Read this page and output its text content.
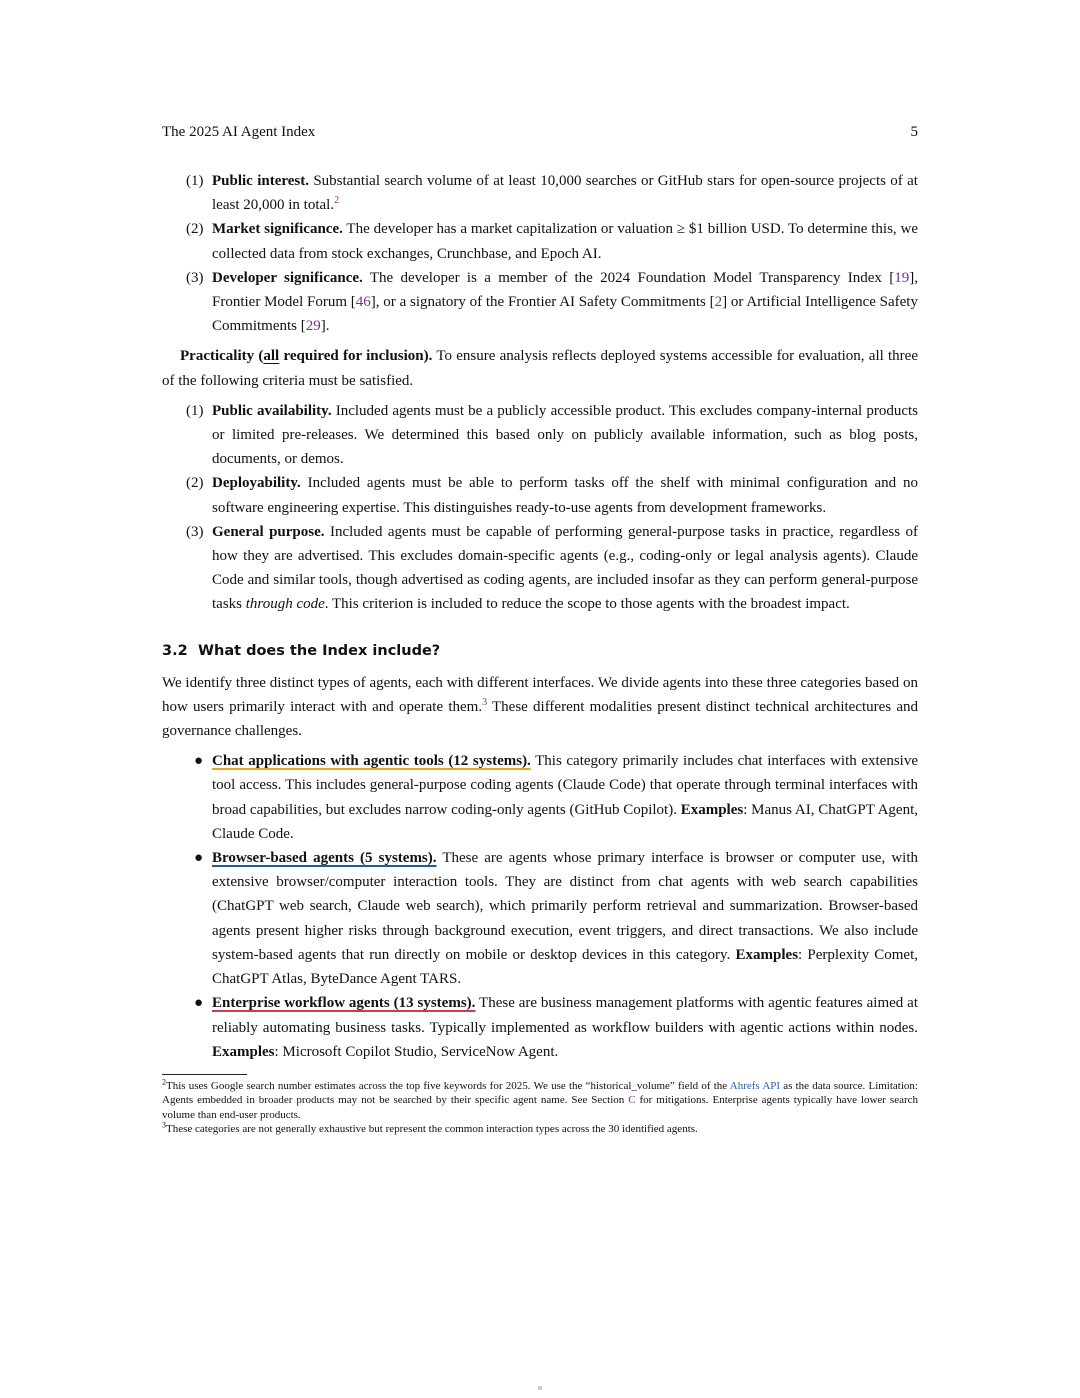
The 2025 AI Agent Index	5
(1) Public interest. Substantial search volume of at least 10,000 searches or GitHub stars for open-source projects of at least 20,000 in total.$^2$
(2) Market significance. The developer has a market capitalization or valuation ≥ $1 billion USD. To determine this, we collected data from stock exchanges, Crunchbase, and Epoch AI.
(3) Developer significance. The developer is a member of the 2024 Foundation Model Transparency Index [19], Frontier Model Forum [46], or a signatory of the Frontier AI Safety Commitments [2] or Artificial Intelligence Safety Commitments [29].

Practicality (all required for inclusion). To ensure analysis reflects deployed systems accessible for evaluation, all three of the following criteria must be satisfied.

(1) Public availability. Included agents must be a publicly accessible product. This excludes company-internal products or limited pre-releases. We determined this based only on publicly available information, such as blog posts, documents, or demos.
(2) Deployability. Included agents must be able to perform tasks off the shelf with minimal configuration and no software engineering expertise. This distinguishes ready-to-use agents from development frameworks.
(3) General purpose. Included agents must be capable of performing general-purpose tasks in practice, regardless of how they are advertised. This excludes domain-specific agents (e.g., coding-only or legal analysis agents). Claude Code and similar tools, though advertised as coding agents, are included insofar as they can perform general-purpose tasks through code. This criterion is included to reduce the scope to those agents with the broadest impact.
3.2 What does the Index include?

We identify three distinct types of agents, each with different interfaces. We divide agents into these three categories based on how users primarily interact with and operate them.$^3$ These different modalities present distinct technical architectures and governance challenges.

● Chat applications with agentic tools (12 systems). This category primarily includes chat interfaces with extensive tool access. This includes general-purpose coding agents (Claude Code) that operate through terminal interfaces with broad capabilities, but excludes narrow coding-only agents (GitHub Copilot). Examples: Manus AI, ChatGPT Agent, Claude Code.
● Browser-based agents (5 systems). These are agents whose primary interface is browser or computer use, with extensive browser/computer interaction tools. They are distinct from chat agents with web search capabilities (ChatGPT web search, Claude web search), which primarily perform retrieval and summarization. Browser-based agents present higher risks through background execution, event triggers, and direct transactions. We also include system-based agents that run directly on mobile or desktop devices in this category. Examples: Perplexity Comet, ChatGPT Atlas, ByteDance Agent TARS.
● Enterprise workflow agents (13 systems). These are business management platforms with agentic features aimed at reliably automating business tasks. Typically implemented as workflow builders with agentic actions within nodes. Examples: Microsoft Copilot Studio, ServiceNow Agent.

$^2$This uses Google search number estimates across the top five keywords for 2025. We use the “historical_volume” field of the Ahrefs API as the data source. Limitation: Agents embedded in broader products may not be searched by their specific agent name. See Section C for mitigations. Enterprise agents typically have lower search volume than end-user products.

$^3$These categories are not generally exhaustive but represent the common interaction types across the 30 identified agents.
